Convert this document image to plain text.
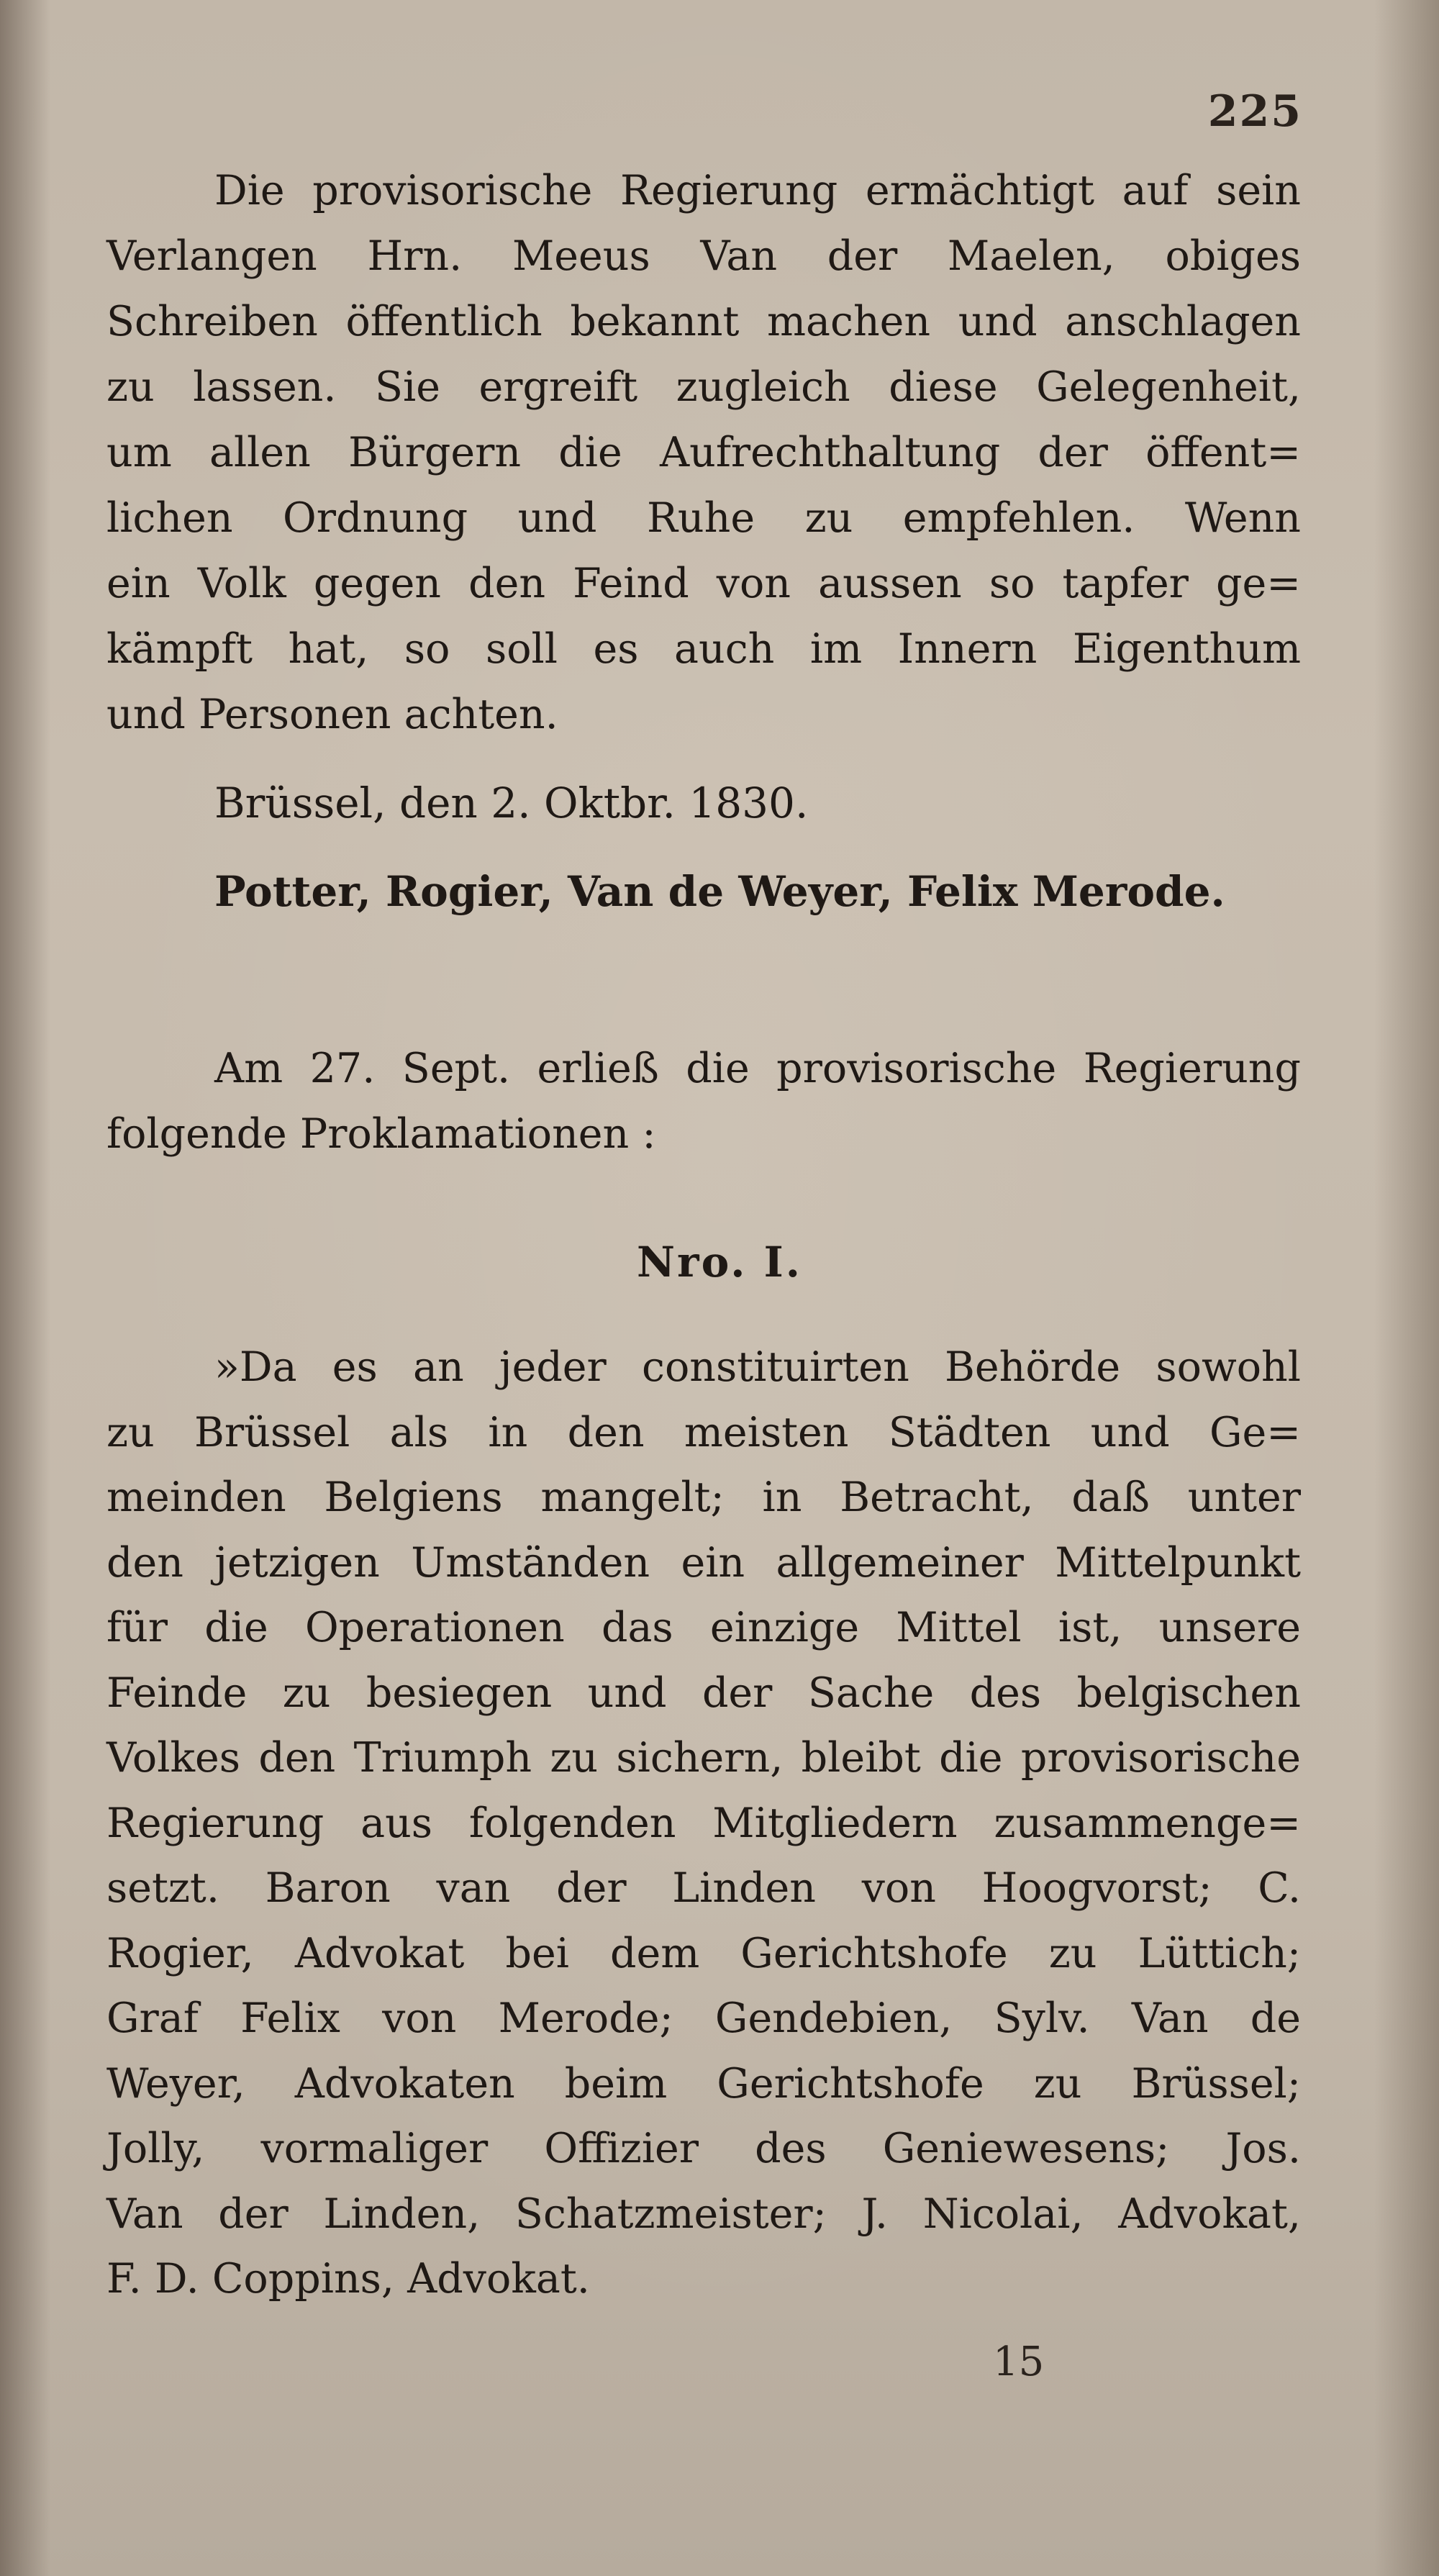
225
Die provisorische Regierung ermächtigt auf sein
Verlangen Hrn. Meeus Van der Maelen, obiges
Schreiben öffentlich bekannt machen und anschlagen
zu lassen. Sie ergreift zugleich diese Gelegenheit,
um allen Bürgern die Aufrechthaltung der öffent=
lichen Ordnung und Ruhe zu empfehlen. Wenn
ein Volk gegen den Feind von aussen so tapfer ge=
kämpft hat, so soll es auch im Innern Eigenthum
und Personen achten.
Brüssel, den 2. Oktbr. 1830.
Potter, Rogier, Van de Weyer, Felix Merode.
Am 27. Sept. erließ die provisorische Regierung
folgende Proklamationen :
Nro. I.
»Da es an jeder constituirten Behörde sowohl
zu Brüssel als in den meisten Städten und Ge=
meinden Belgiens mangelt; in Betracht, daß unter
den jetzigen Umständen ein allgemeiner Mittelpunkt
für die Operationen das einzige Mittel ist, unsere
Feinde zu besiegen und der Sache des belgischen
Volkes den Triumph zu sichern, bleibt die provisorische
Regierung aus folgenden Mitgliedern zusammenge=
setzt. Baron van der Linden von Hoogvorst; C.
Rogier, Advokat bei dem Gerichtshofe zu Lüttich;
Graf Felix von Merode; Gendebien, Sylv. Van de
Weyer, Advokaten beim Gerichtshofe zu Brüssel;
Jolly, vormaliger Offizier des Geniewesens; Jos.
Van der Linden, Schatzmeister; J. Nicolai, Advokat,
F. D. Coppins, Advokat.
15
